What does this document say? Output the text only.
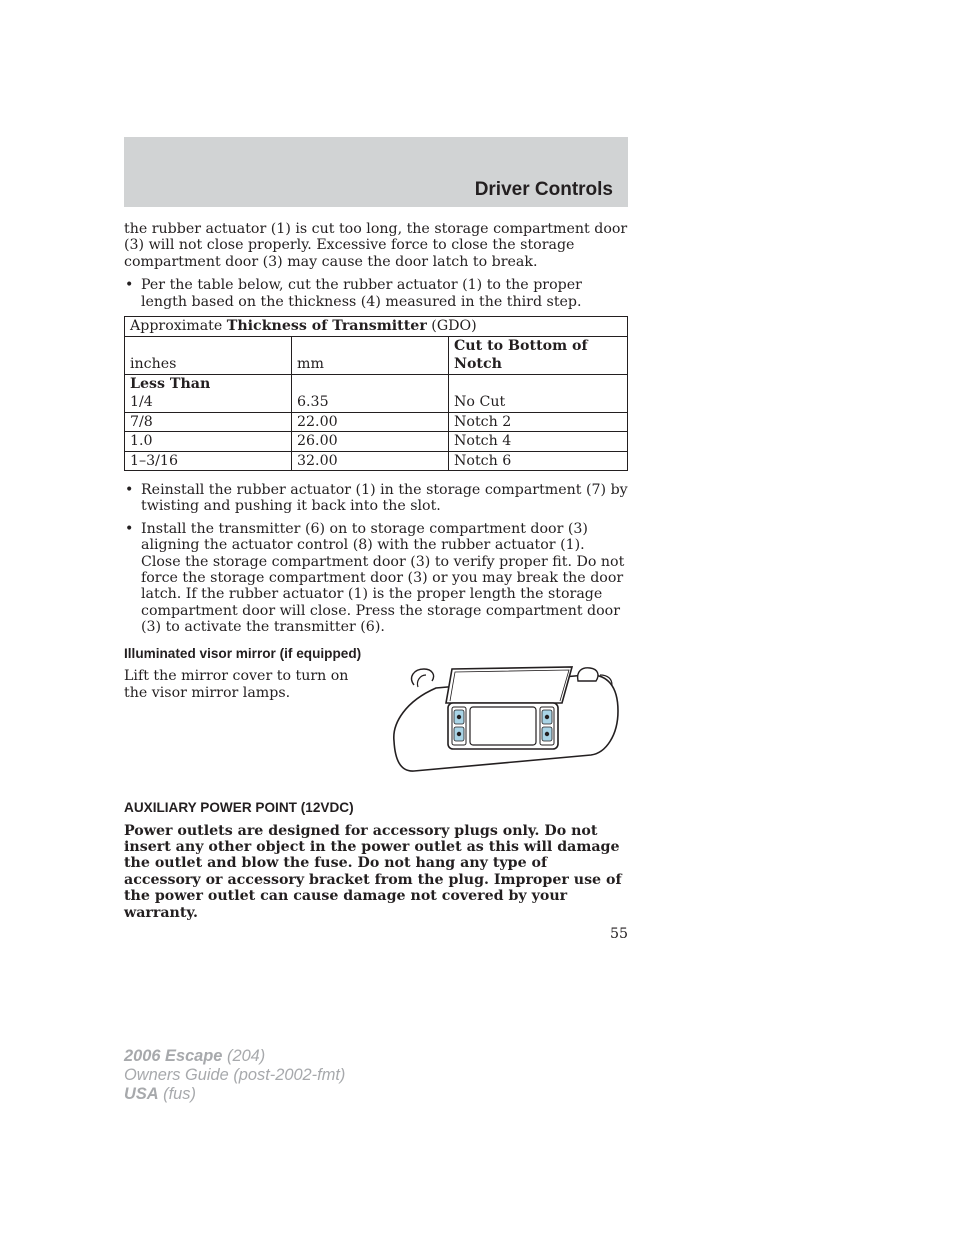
Driver Controls

the rubber actuator (1) is cut too long, the storage compartment door (3) will not close properly. Excessive force to close the storage compartment door (3) may cause the door latch to break.

• Per the table below, cut the rubber actuator (1) to the proper length based on the thickness (4) measured in the third step.
Approximate Thickness of Transmitter (GDO)		
inches	mm	Cut to Bottom of Notch

Less Than
1/4	6.35	No Cut
7/8	22.00	Notch 2
1.0	26.00	Notch 4
1–3/16	32.00	Notch 6
• Reinstall the rubber actuator (1) in the storage compartment (7) by twisting and pushing it back into the slot.
• Install the transmitter (6) on to storage compartment door (3) aligning the actuator control (8) with the rubber actuator (1). Close the storage compartment door (3) to verify proper fit. Do not force the storage compartment door (3) or you may break the door latch. If the rubber actuator (1) is the proper length the storage compartment door will close. Press the storage compartment door (3) to activate the transmitter (6).
Illuminated visor mirror (if equipped)

Lift the mirror cover to turn on the visor mirror lamps.

AUXILIARY POWER POINT (12VDC)

Power outlets are designed for accessory plugs only. Do not insert any other object in the power outlet as this will damage the outlet and blow the fuse. Do not hang any type of accessory or accessory bracket from the plug. Improper use of the power outlet can cause damage not covered by your warranty.

55
2006 Escape (204)
Owners Guide (post-2002-fmt)
USA (fus)
